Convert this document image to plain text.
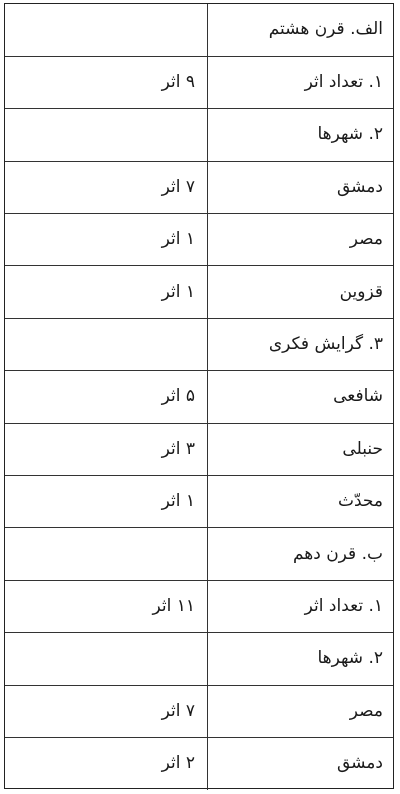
الف. قرن هشتم	
۱. تعداد اثر	۹ اثر
۲. شهرها	
دمشق	۷ اثر
مصر	۱ اثر
قزوین	۱ اثر
۳. گرایش فکری	
شافعی	۵ اثر
حنبلی	۳ اثر
محدّث	۱ اثر
ب. قرن دهم	
۱. تعداد اثر	۱۱ اثر
۲. شهرها	
مصر	۷ اثر
دمشق	۲ اثر
